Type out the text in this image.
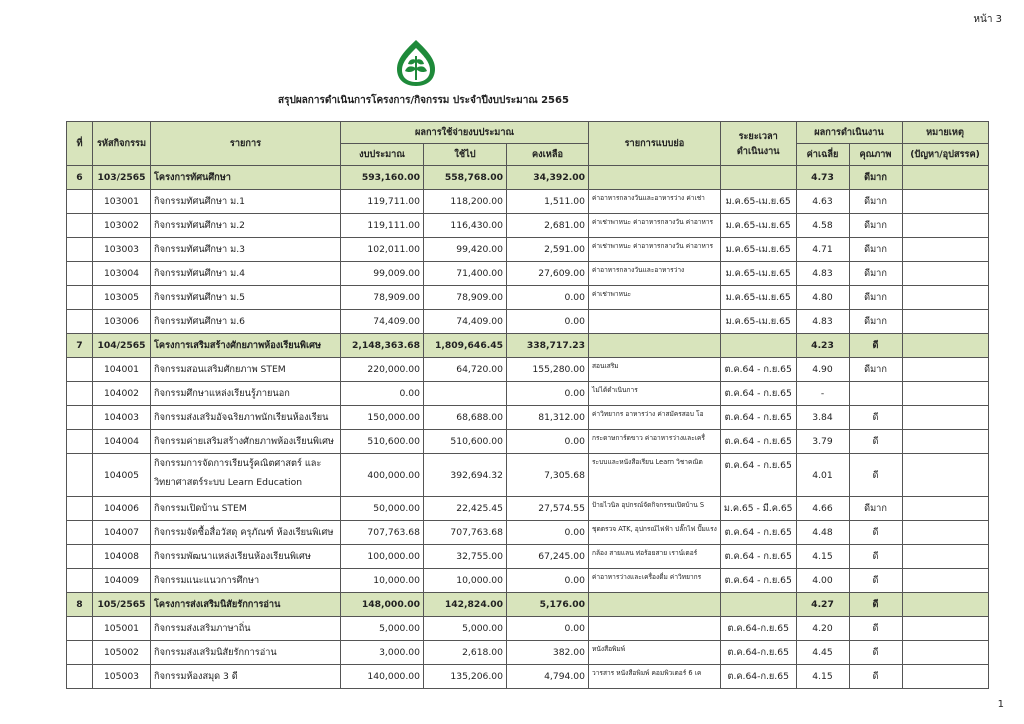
หน้า 3
สรุปผลการดำเนินการโครงการ/กิจกรรม ประจำปีงบประมาณ 2565
ที่	รหัสกิจกรรม	รายการ	ผลการใช้จ่ายงบประมาณ			รายการแบบย่อ	ระยะเวลา
ดำเนินงาน	ผลการดำเนินงาน		หมายเหตุ
			งบประมาณ	ใช้ไป	คงเหลือ			ค่าเฉลี่ย	คุณภาพ	(ปัญหา/อุปสรรค)
6	103/2565	โครงการทัศนศึกษา	593,160.00	558,768.00	34,392.00			4.73	ดีมาก	
	103001	กิจกรรมทัศนศึกษา ม.1	119,711.00	118,200.00	1,511.00	ค่าอาหารกลางวันและอาหารว่าง ค่าเช่า	ม.ค.65-เม.ย.65	4.63	ดีมาก	
	103002	กิจกรรมทัศนศึกษา ม.2	119,111.00	116,430.00	2,681.00	ค่าเช่าพาหนะ ค่าอาหารกลางวัน ค่าอาหาร	ม.ค.65-เม.ย.65	4.58	ดีมาก	
	103003	กิจกรรมทัศนศึกษา ม.3	102,011.00	99,420.00	2,591.00	ค่าเช่าพาหนะ ค่าอาหารกลางวัน ค่าอาหาร	ม.ค.65-เม.ย.65	4.71	ดีมาก	
	103004	กิจกรรมทัศนศึกษา ม.4	99,009.00	71,400.00	27,609.00	ค่าอาหารกลางวันและอาหารว่าง	ม.ค.65-เม.ย.65	4.83	ดีมาก	
	103005	กิจกรรมทัศนศึกษา ม.5	78,909.00	78,909.00	0.00	ค่าเช่าพาหนะ	ม.ค.65-เม.ย.65	4.80	ดีมาก	
	103006	กิจกรรมทัศนศึกษา ม.6	74,409.00	74,409.00	0.00		ม.ค.65-เม.ย.65	4.83	ดีมาก	
7	104/2565	โครงการเสริมสร้างศักยภาพห้องเรียนพิเศษ	2,148,363.68	1,809,646.45	338,717.23			4.23	ดี	
	104001	กิจกรรมสอนเสริมศักยภาพ STEM	220,000.00	64,720.00	155,280.00	สอนเสริม	ต.ค.64 - ก.ย.65	4.90	ดีมาก	
	104002	กิจกรรมศึกษาแหล่งเรียนรู้ภายนอก	0.00		0.00	ไม่ได้ดำเนินการ	ต.ค.64 - ก.ย.65	-		
	104003	กิจกรรมส่งเสริมอัจฉริยภาพนักเรียนห้องเรียน	150,000.00	68,688.00	81,312.00	ค่าวิทยากร อาหารว่าง ค่าสมัครสอบ โอ	ต.ค.64 - ก.ย.65	3.84	ดี	
	104004	กิจกรรมค่ายเสริมสร้างศักยภาพห้องเรียนพิเศษ	510,600.00	510,600.00	0.00	กระดาษการ์ดขาว ค่าอาหารว่างและเครื่	ต.ค.64 - ก.ย.65	3.79	ดี	
	104005	กิจกรรมการจัดการเรียนรู้คณิตศาสตร์ และ
วิทยาศาสตร์ระบบ Learn Education	400,000.00	392,694.32	7,305.68	ระบบและหนังสือเรียน Learn วิชาคณิต	ต.ค.64 - ก.ย.65	4.01	ดี	
	104006	กิจกรรมเปิดบ้าน STEM	50,000.00	22,425.45	27,574.55	ป้ายไวนิล อุปกรณ์จัดกิจกรรมเปิดบ้าน S	ม.ค.65 - มี.ค.65	4.66	ดีมาก	
	104007	กิจกรรมจัดซื้อสื่อวัสดุ ครุภัณฑ์ ห้องเรียนพิเศษ	707,763.68	707,763.68	0.00	ชุดตรวจ ATK, อุปกรณ์ไฟฟ้า ปลั๊กไฟ ปั๊มแรง	ต.ค.64 - ก.ย.65	4.48	ดี	
	104008	กิจกรรมพัฒนาแหล่งเรียนห้องเรียนพิเศษ	100,000.00	32,755.00	67,245.00	กล้อง สายแลน ท่อร้อยสาย เราน์เตอร์	ต.ค.64 - ก.ย.65	4.15	ดี	
	104009	กิจกรรมแนะแนวการศึกษา	10,000.00	10,000.00	0.00	ค่าอาหารว่างและเครื่องดื่ม ค่าวิทยากร	ต.ค.64 - ก.ย.65	4.00	ดี	
8	105/2565	โครงการส่งเสริมนิสัยรักการอ่าน	148,000.00	142,824.00	5,176.00			4.27	ดี	
	105001	กิจกรรมส่งเสริมภาษาถิ่น	5,000.00	5,000.00	0.00		ต.ค.64-ก.ย.65	4.20	ดี	
	105002	กิจกรรมส่งเสริมนิสัยรักการอ่าน	3,000.00	2,618.00	382.00	หนังสือพิมพ์	ต.ค.64-ก.ย.65	4.45	ดี	
	105003	กิจกรรมห้องสมุด 3 ดี	140,000.00	135,206.00	4,794.00	วารสาร หนังสือพิมพ์ คอมพิวเตอร์ 6 เค	ต.ค.64-ก.ย.65	4.15	ดี	
1
